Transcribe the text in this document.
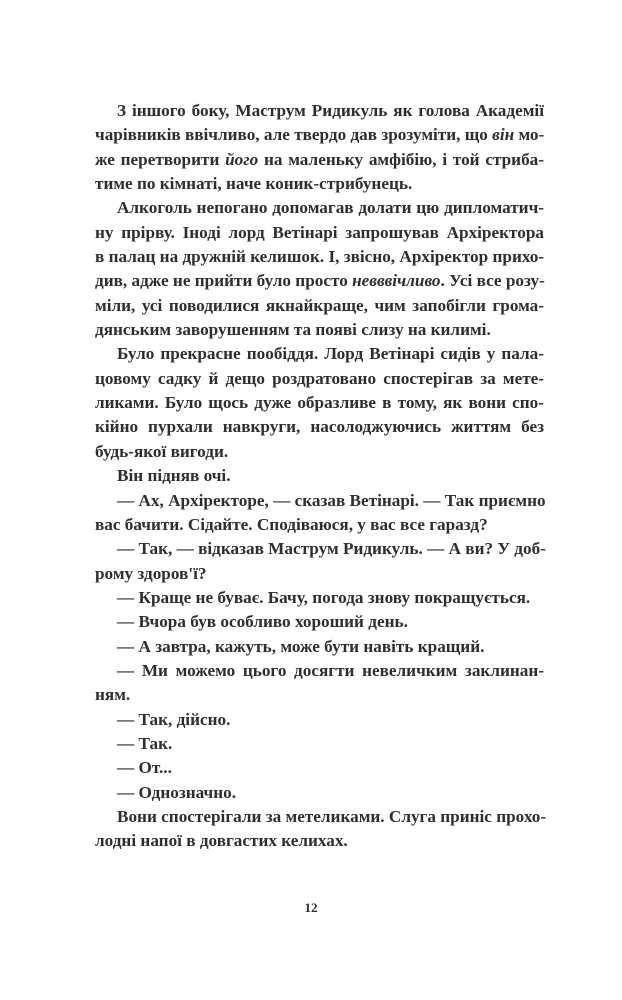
З іншого боку, Маструм Ридикуль як голова Академії
чарівників ввічливо, але твердо дав зрозуміти, що він мо-
же перетворити його на маленьку амфібію, і той стриба-
тиме по кімнаті, наче коник-стрибунець.
Алкоголь непогано допомагав долати цю дипломатич-
ну прірву. Іноді лорд Ветінарі запрошував Архіректора
в палац на дружній келишок. І, звісно, Архіректор прихо-
див, адже не прийти було просто невввічливо. Усі все розу-
міли, усі поводилися якнайкраще, чим запобігли грома-
дянським заворушенням та появі слизу на килимі.
Було прекрасне пообіддя. Лорд Ветінарі сидів у пала-
цовому садку й дещо роздратовано спостерігав за мете-
ликами. Було щось дуже образливе в тому, як вони спо-
кійно пурхали навкруги, насолоджуючись життям без
будь-якої вигоди.
Він підняв очі.
— Ах, Архіректоре, — сказав Ветінарі. — Так приємно
вас бачити. Сідайте. Сподіваюся, у вас все гаразд?
— Так, — відказав Маструм Ридикуль. — А ви? У доб-
рому здоров'ї?
— Краще не буває. Бачу, погода знову покращується.
— Вчора був особливо хороший день.
— А завтра, кажуть, може бути навіть кращий.
— Ми можемо цього досягти невеличким заклинан-
ням.
— Так, дійсно.
— Так.
— От...
— Однозначно.
Вони спостерігали за метеликами. Слуга приніс прохо-
лодні напої в довгастих келихах.
12
